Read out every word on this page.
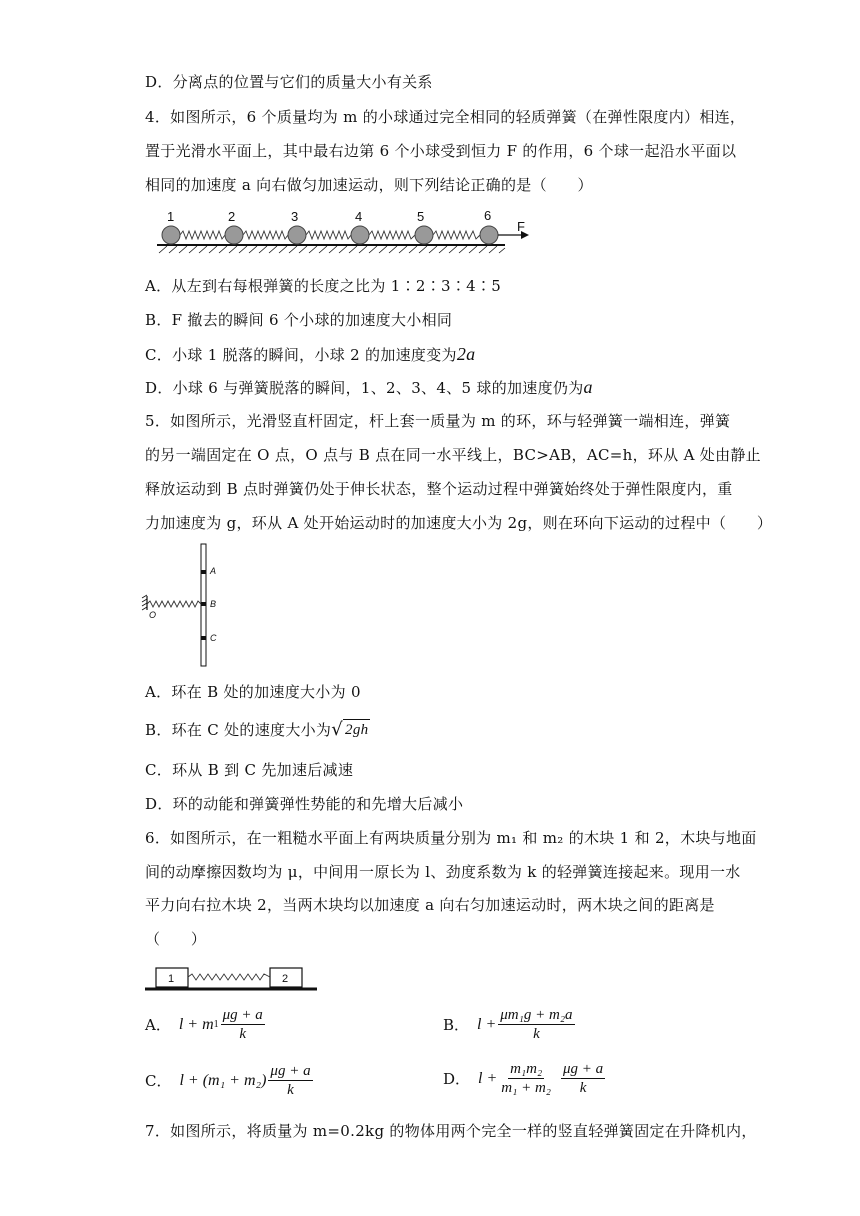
D．分离点的位置与它们的质量大小有关系
4．如图所示，6 个质量均为 m 的小球通过完全相同的轻质弹簧（在弹性限度内）相连，
置于光滑水平面上，其中最右边第 6 个小球受到恒力 F 的作用，6 个球一起沿水平面以
相同的加速度 a 向右做匀加速运动，则下列结论正确的是（　　）
1	2	3	4	5	6
F
A．从左到右每根弹簧的长度之比为 1∶2∶3∶4∶5
B．F 撤去的瞬间 6 个小球的加速度大小相同
C．小球 1 脱落的瞬间，小球 2 的加速度变为2a
D．小球 6 与弹簧脱落的瞬间，1、2、3、4、5 球的加速度仍为a
5．如图所示，光滑竖直杆固定，杆上套一质量为 m 的环，环与轻弹簧一端相连，弹簧
的另一端固定在 O 点，O 点与 B 点在同一水平线上，BC>AB，AC=h，环从 A 处由静止
释放运动到 B 点时弹簧仍处于伸长状态，整个运动过程中弹簧始终处于弹性限度内，重
力加速度为 g，环从 A 处开始运动时的加速度大小为 2g，则在环向下运动的过程中（　　）
A
B
C
O
A．环在 B 处的加速度大小为 0
B．环在 C 处的速度大小为 √ 2gh
C．环从 B 到 C 先加速后减速
D．环的动能和弹簧弹性势能的和先增大后减小
6．如图所示，在一粗糙水平面上有两块质量分别为 m₁ 和 m₂ 的木块 1 和 2，木块与地面
间的动摩擦因数均为 μ，中间用一原长为 l、劲度系数为 k 的轻弹簧连接起来。现用一水
平力向右拉木块 2，当两木块均以加速度 a 向右匀加速运动时，两木块之间的距离是
（　　）
1	2
A． l + m $1 \frac{\mu g + a}{k}$	B． $l + \frac{\text{μm₁g + m₂a}}{k}$
C． $l + (m_1 + m_2) \frac{\mu g + a}{k}$	D． $l + \frac{\text{m₁m₂}}{\text{m₁ + m₂}} \frac{\mu g + a}{k}$
7．如图所示，将质量为 m=0.2kg 的物体用两个完全一样的竖直轻弹簧固定在升降机内，
